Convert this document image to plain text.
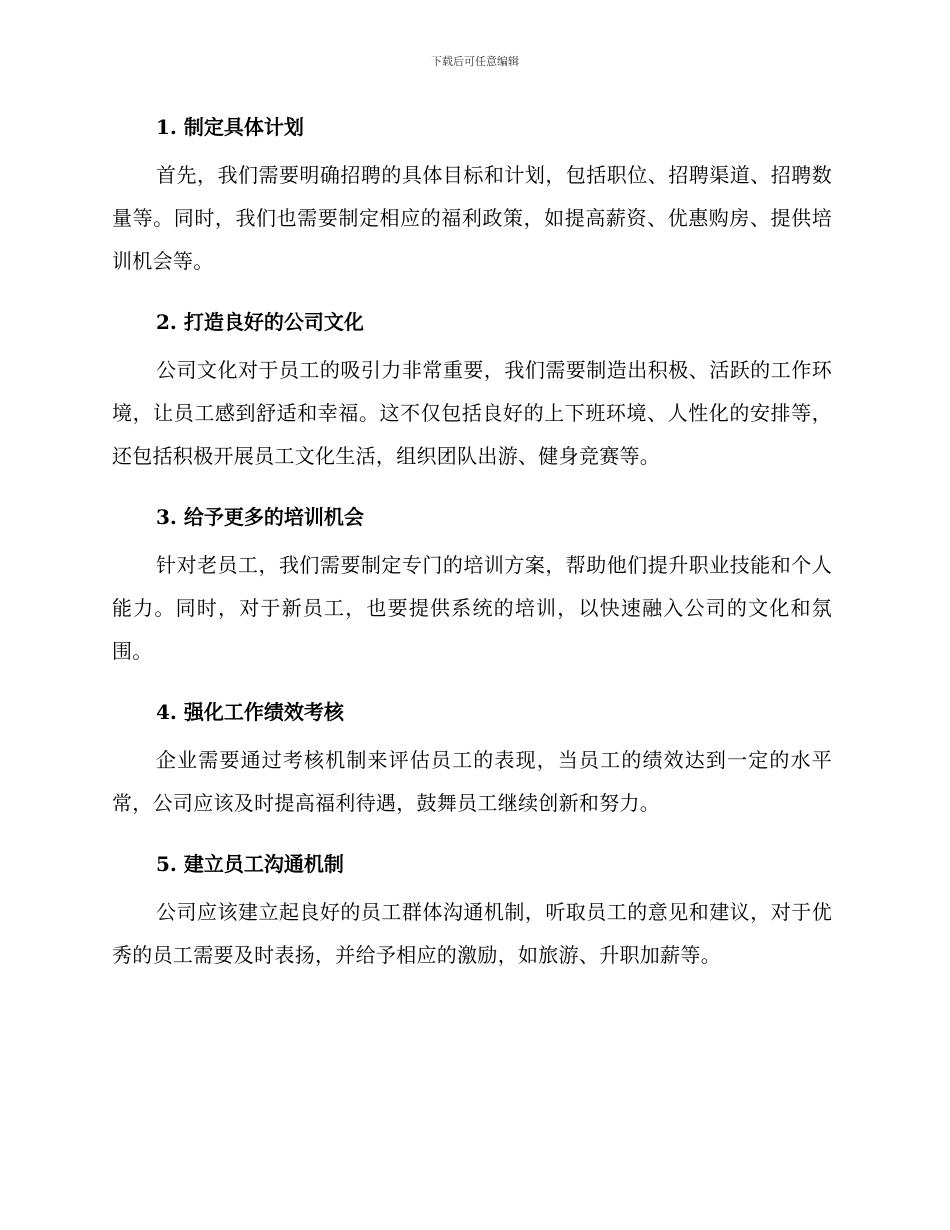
下载后可任意编辑
1. 制定具体计划

首先，我们需要明确招聘的具体目标和计划，包括职位、招聘渠道、招聘数量等。同时，我们也需要制定相应的福利政策，如提高薪资、优惠购房、提供培训机会等。

2. 打造良好的公司文化

公司文化对于员工的吸引力非常重要，我们需要制造出积极、活跃的工作环境，让员工感到舒适和幸福。这不仅包括良好的上下班环境、人性化的安排等，还包括积极开展员工文化生活，组织团队出游、健身竞赛等。

3. 给予更多的培训机会

针对老员工，我们需要制定专门的培训方案，帮助他们提升职业技能和个人能力。同时，对于新员工，也要提供系统的培训，以快速融入公司的文化和氛围。

4. 强化工作绩效考核

企业需要通过考核机制来评估员工的表现，当员工的绩效达到一定的水平常，公司应该及时提高福利待遇，鼓舞员工继续创新和努力。

5. 建立员工沟通机制

公司应该建立起良好的员工群体沟通机制，听取员工的意见和建议，对于优秀的员工需要及时表扬，并给予相应的激励，如旅游、升职加薪等。
